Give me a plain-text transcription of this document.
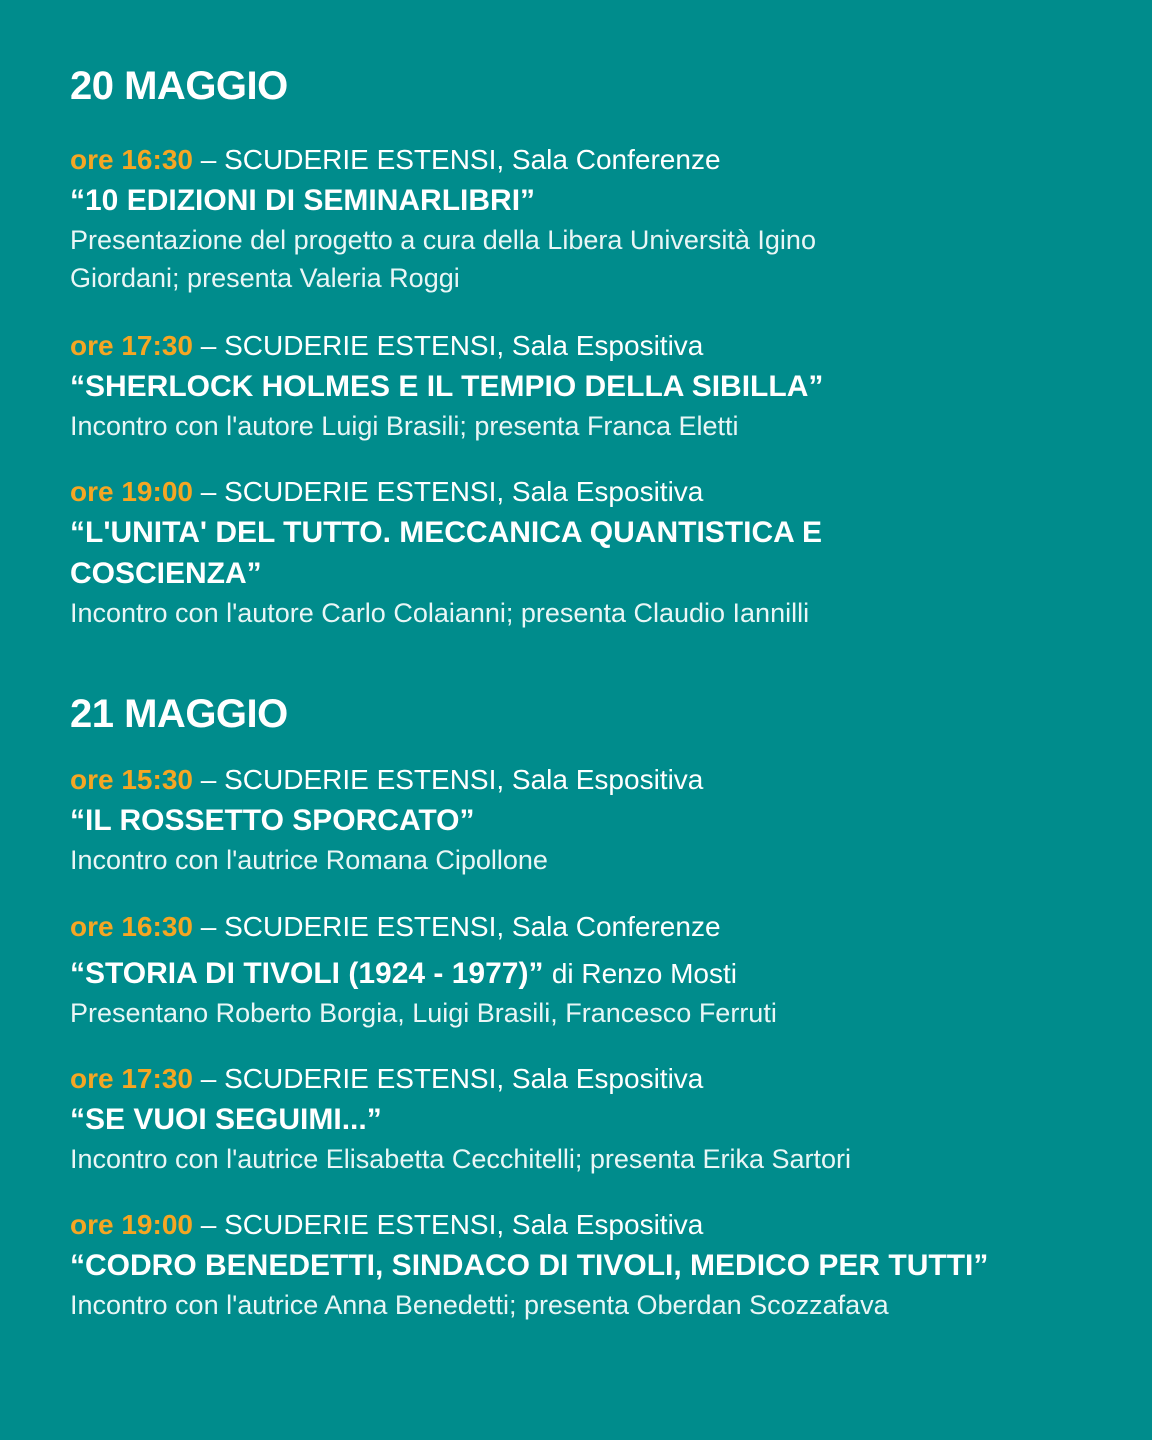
20 MAGGIO
ore 16:30 – SCUDERIE ESTENSI, Sala Conferenze
“10 EDIZIONI DI SEMINARLIBRI”
Presentazione del progetto a cura della Libera Università Igino
Giordani; presenta Valeria Roggi
ore 17:30 – SCUDERIE ESTENSI, Sala Espositiva
“SHERLOCK HOLMES E IL TEMPIO DELLA SIBILLA”
Incontro con l'autore Luigi Brasili; presenta Franca Eletti
ore 19:00 – SCUDERIE ESTENSI, Sala Espositiva
“L'UNITA' DEL TUTTO. MECCANICA QUANTISTICA E COSCIENZA”
Incontro con l'autore Carlo Colaianni; presenta Claudio Iannilli
21 MAGGIO
ore 15:30 – SCUDERIE ESTENSI, Sala Espositiva
“IL ROSSETTO SPORCATO”
Incontro con l'autrice Romana Cipollone
ore 16:30 – SCUDERIE ESTENSI, Sala Conferenze
“STORIA DI TIVOLI (1924 - 1977)” di Renzo Mosti
Presentano Roberto Borgia, Luigi Brasili, Francesco Ferruti
ore 17:30 – SCUDERIE ESTENSI, Sala Espositiva
“SE VUOI SEGUIMI...”
Incontro con l'autrice Elisabetta Cecchitelli; presenta Erika Sartori
ore 19:00 – SCUDERIE ESTENSI, Sala Espositiva
“CODRO BENEDETTI, SINDACO DI TIVOLI, MEDICO PER TUTTI”
Incontro con l'autrice Anna Benedetti; presenta Oberdan Scozzafava
